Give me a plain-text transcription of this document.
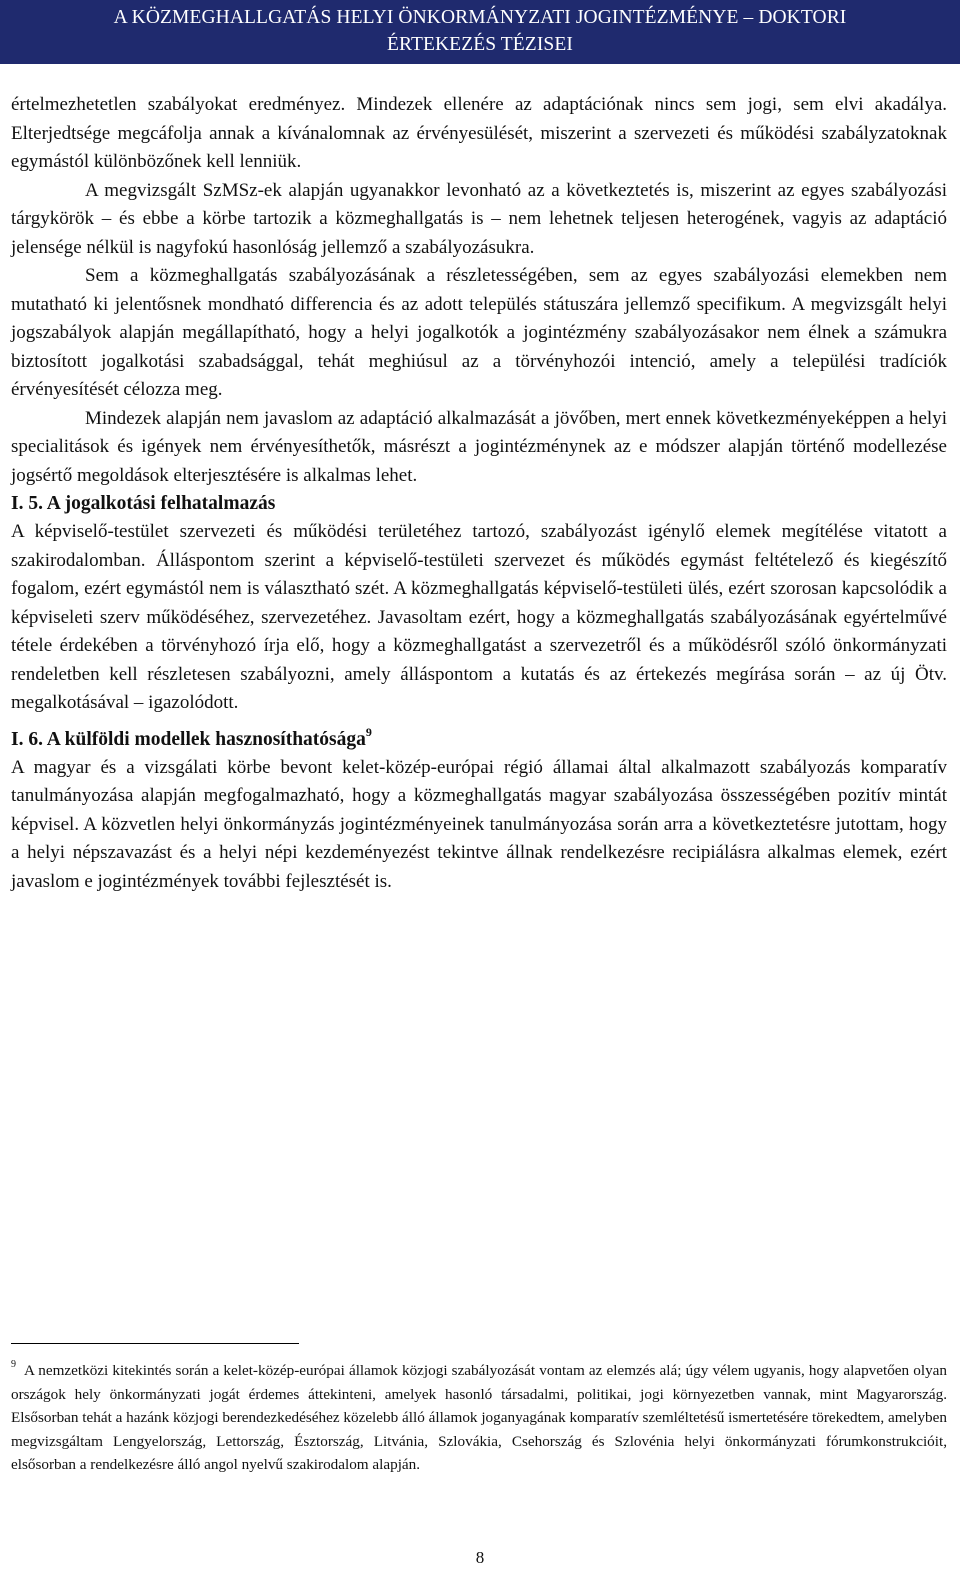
A KÖZMEGHALLGATÁS HELYI ÖNKORMÁNYZATI JOGINTÉZMÉNYE – DOKTORI
ÉRTEKEZÉS TÉZISEI

értelmezhetetlen szabályokat eredményez. Mindezek ellenére az adaptációnak nincs sem jogi, sem elvi akadálya. Elterjedtsége megcáfolja annak a kívánalomnak az érvényesülését, miszerint a szervezeti és működési szabályzatoknak egymástól különbözőnek kell lenniük.

A megvizsgált SzMSz-ek alapján ugyanakkor levonható az a következtetés is, miszerint az egyes szabályozási tárgykörök – és ebbe a körbe tartozik a közmeghallgatás is – nem lehetnek teljesen heterogének, vagyis az adaptáció jelensége nélkül is nagyfokú hasonlóság jellemző a szabályozásukra.

Sem a közmeghallgatás szabályozásának a részletességében, sem az egyes szabályozási elemekben nem mutatható ki jelentősnek mondható differencia és az adott település státuszára jellemző specifikum. A megvizsgált helyi jogszabályok alapján megállapítható, hogy a helyi jogalkotók a jogintézmény szabályozásakor nem élnek a számukra biztosított jogalkotási szabadsággal, tehát meghiúsul az a törvényhozói intenció, amely a települési tradíciók érvényesítését célozza meg.

Mindezek alapján nem javaslom az adaptáció alkalmazását a jövőben, mert ennek következményeképpen a helyi specialitások és igények nem érvényesíthetők, másrészt a jogintézménynek az e módszer alapján történő modellezése jogsértő megoldások elterjesztésére is alkalmas lehet.

I. 5. A jogalkotási felhatalmazás

A képviselő-testület szervezeti és működési területéhez tartozó, szabályozást igénylő elemek megítélése vitatott a szakirodalomban. Álláspontom szerint a képviselő-testületi szervezet és működés egymást feltételező és kiegészítő fogalom, ezért egymástól nem is választható szét. A közmeghallgatás képviselő-testületi ülés, ezért szorosan kapcsolódik a képviseleti szerv működéséhez, szervezetéhez. Javasoltam ezért, hogy a közmeghallgatás szabályozásának egyértelművé tétele érdekében a törvényhozó írja elő, hogy a közmeghallgatást a szervezetről és a működésről szóló önkormányzati rendeletben kell részletesen szabályozni, amely álláspontom a kutatás és az értekezés megírása során – az új Ötv. megalkotásával – igazolódott.

I. 6. A külföldi modellek hasznosíthatósága$^9$

A magyar és a vizsgálati körbe bevont kelet-közép-európai régió államai által alkalmazott szabályozás komparatív tanulmányozása alapján megfogalmazható, hogy a közmeghallgatás magyar szabályozása összességében pozitív mintát képvisel. A közvetlen helyi önkormányzás jogintézményeinek tanulmányozása során arra a következtetésre jutottam, hogy a helyi népszavazást és a helyi népi kezdeményezést tekintve állnak rendelkezésre recipiálásra alkalmas elemek, ezért javaslom e jogintézmények további fejlesztését is.

$^9$ A nemzetközi kitekintés során a kelet-közép-európai államok közjogi szabályozását vontam az elemzés alá; úgy vélem ugyanis, hogy alapvetően olyan országok hely önkormányzati jogát érdemes áttekinteni, amelyek hasonló társadalmi, politikai, jogi környezetben vannak, mint Magyarország. Elsősorban tehát a hazánk közjogi berendezkedéséhez közelebb álló államok joganyagának komparatív szemléltetésű ismertetésére törekedtem, amelyben megvizsgáltam Lengyelország, Lettország, Észtország, Litvánia, Szlovákia, Csehország és Szlovénia helyi önkormányzati fórumkonstrukcióit, elsősorban a rendelkezésre álló angol nyelvű szakirodalom alapján.
8
